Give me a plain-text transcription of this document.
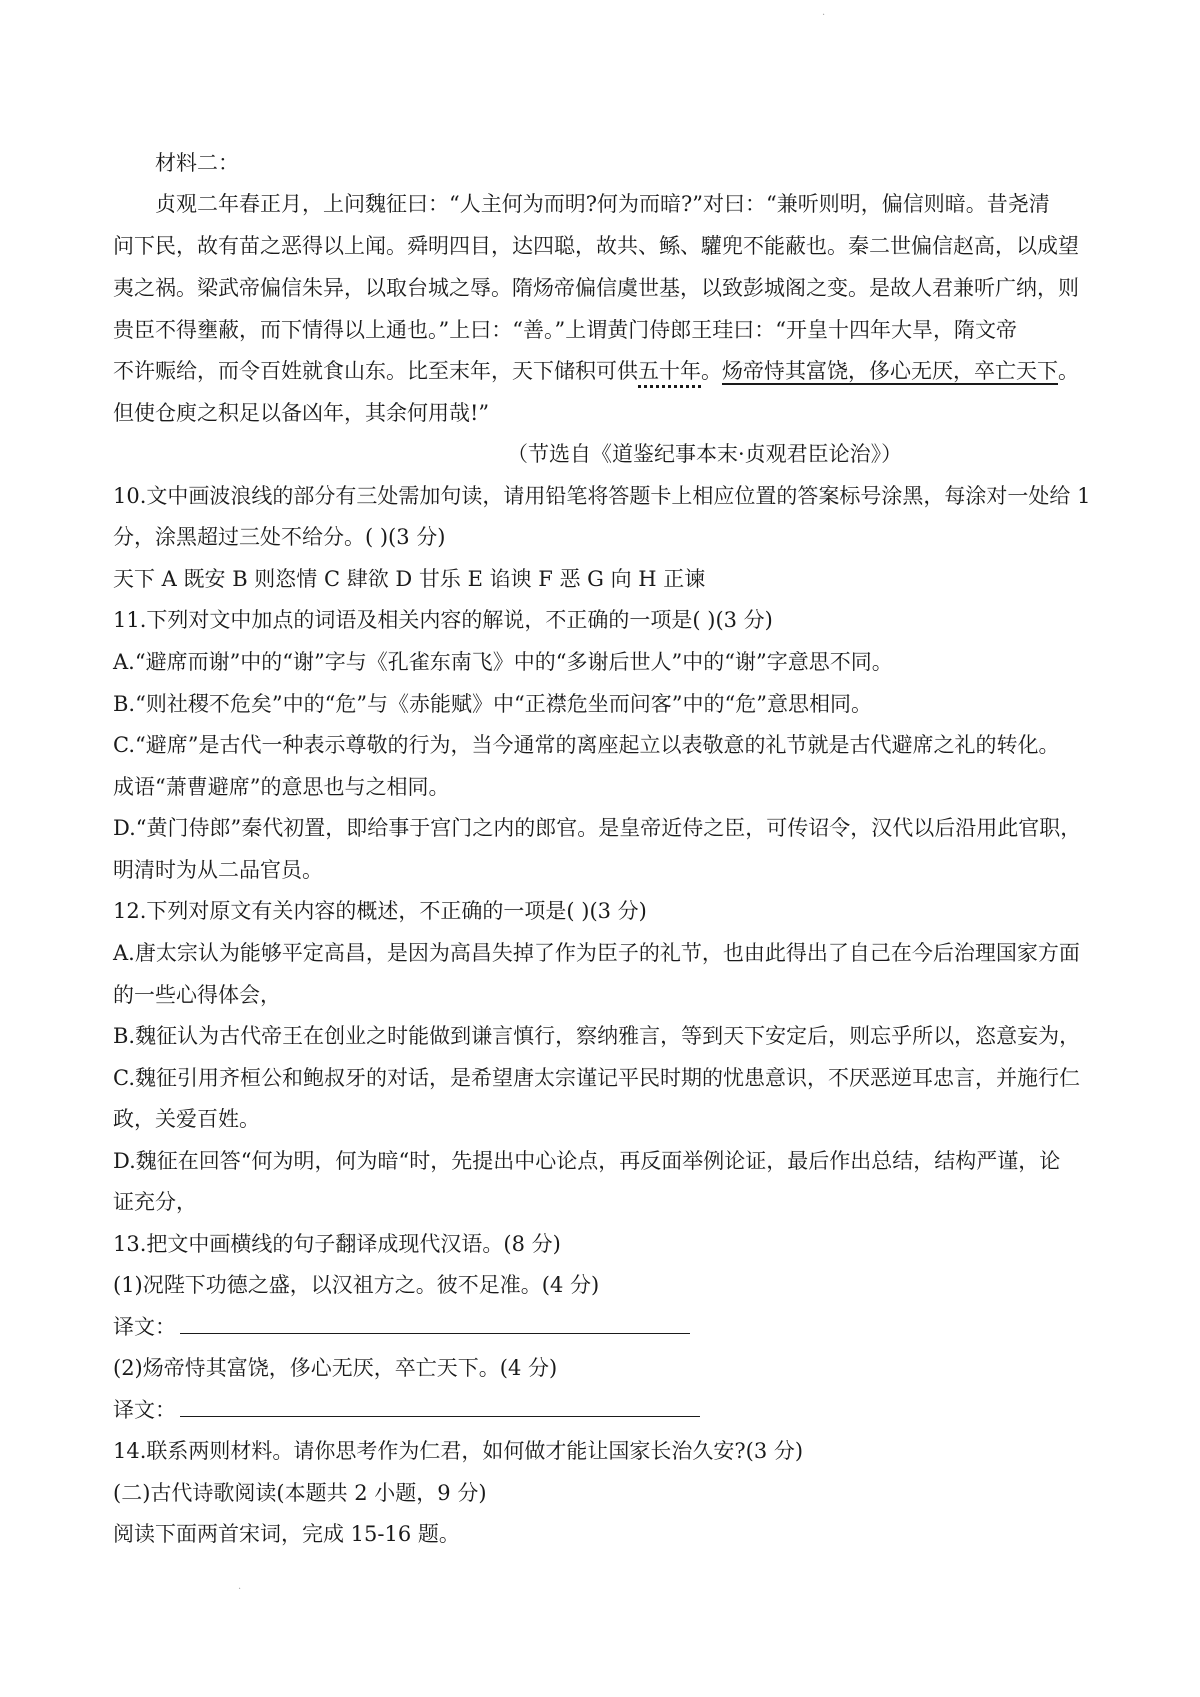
·
材料二：
贞观二年春正月，上问魏征曰：“人主何为而明?何为而暗?”对曰：“兼听则明，偏信则暗。昔尧清
问下民，故有苗之恶得以上闻。舜明四目，达四聪，故共、鲧、驩兜不能蔽也。秦二世偏信赵高，以成望
夷之祸。梁武帝偏信朱异，以取台城之辱。隋炀帝偏信虞世基，以致彭城阁之变。是故人君兼听广纳，则
贵臣不得壅蔽，而下情得以上通也。”上曰：“善。”上谓黄门侍郎王珪曰：“开皇十四年大旱，隋文帝
不许赈给，而令百姓就食山东。比至末年，天下储积可供五十年。炀帝恃其富饶，侈心无厌，卒亡天下。
但使仓庾之积足以备凶年，其余何用哉!”
（节选自《道鉴纪事本末·贞观君臣论治》）
10.文中画波浪线的部分有三处需加句读，请用铅笔将答题卡上相应位置的答案标号涂黑，每涂对一处给 1
分，涂黑超过三处不给分。( )(3 分)
天下 A 既安 B 则恣情 C 肆欲 D 甘乐 E 谄谀 F 恶 G 向 H 正谏
11.下列对文中加点的词语及相关内容的解说，不正确的一项是( )(3 分)
A.“避席而谢”中的“谢”字与《孔雀东南飞》中的“多谢后世人”中的“谢”字意思不同。
B.“则社稷不危矣”中的“危”与《赤能赋》中“正襟危坐而问客”中的“危”意思相同。
C.“避席”是古代一种表示尊敬的行为，当今通常的离座起立以表敬意的礼节就是古代避席之礼的转化。
成语“萧曹避席”的意思也与之相同。
D.“黄门侍郎”秦代初置，即给事于宫门之内的郎官。是皇帝近侍之臣，可传诏令，汉代以后沿用此官职，
明清时为从二品官员。
12.下列对原文有关内容的概述，不正确的一项是( )(3 分)
A.唐太宗认为能够平定高昌，是因为高昌失掉了作为臣子的礼节，也由此得出了自己在今后治理国家方面
的一些心得体会，
B.魏征认为古代帝王在创业之时能做到谦言慎行，察纳雅言，等到天下安定后，则忘乎所以，恣意妄为，
C.魏征引用齐桓公和鲍叔牙的对话，是希望唐太宗谨记平民时期的忧患意识，不厌恶逆耳忠言，并施行仁
政，关爱百姓。
D.魏征在回答“何为明，何为暗“时，先提出中心论点，再反面举例论证，最后作出总结，结构严谨，论
证充分，
13.把文中画横线的句子翻译成现代汉语。(8 分)
(1)况陛下功德之盛，以汉祖方之。彼不足准。(4 分)
译文：
(2)炀帝恃其富饶，侈心无厌，卒亡天下。(4 分)
译文：
14.联系两则材料。请你思考作为仁君，如何做才能让国家长治久安?(3 分)
(二)古代诗歌阅读(本题共 2 小题，9 分)
阅读下面两首宋词，完成 15-16 题。
·
